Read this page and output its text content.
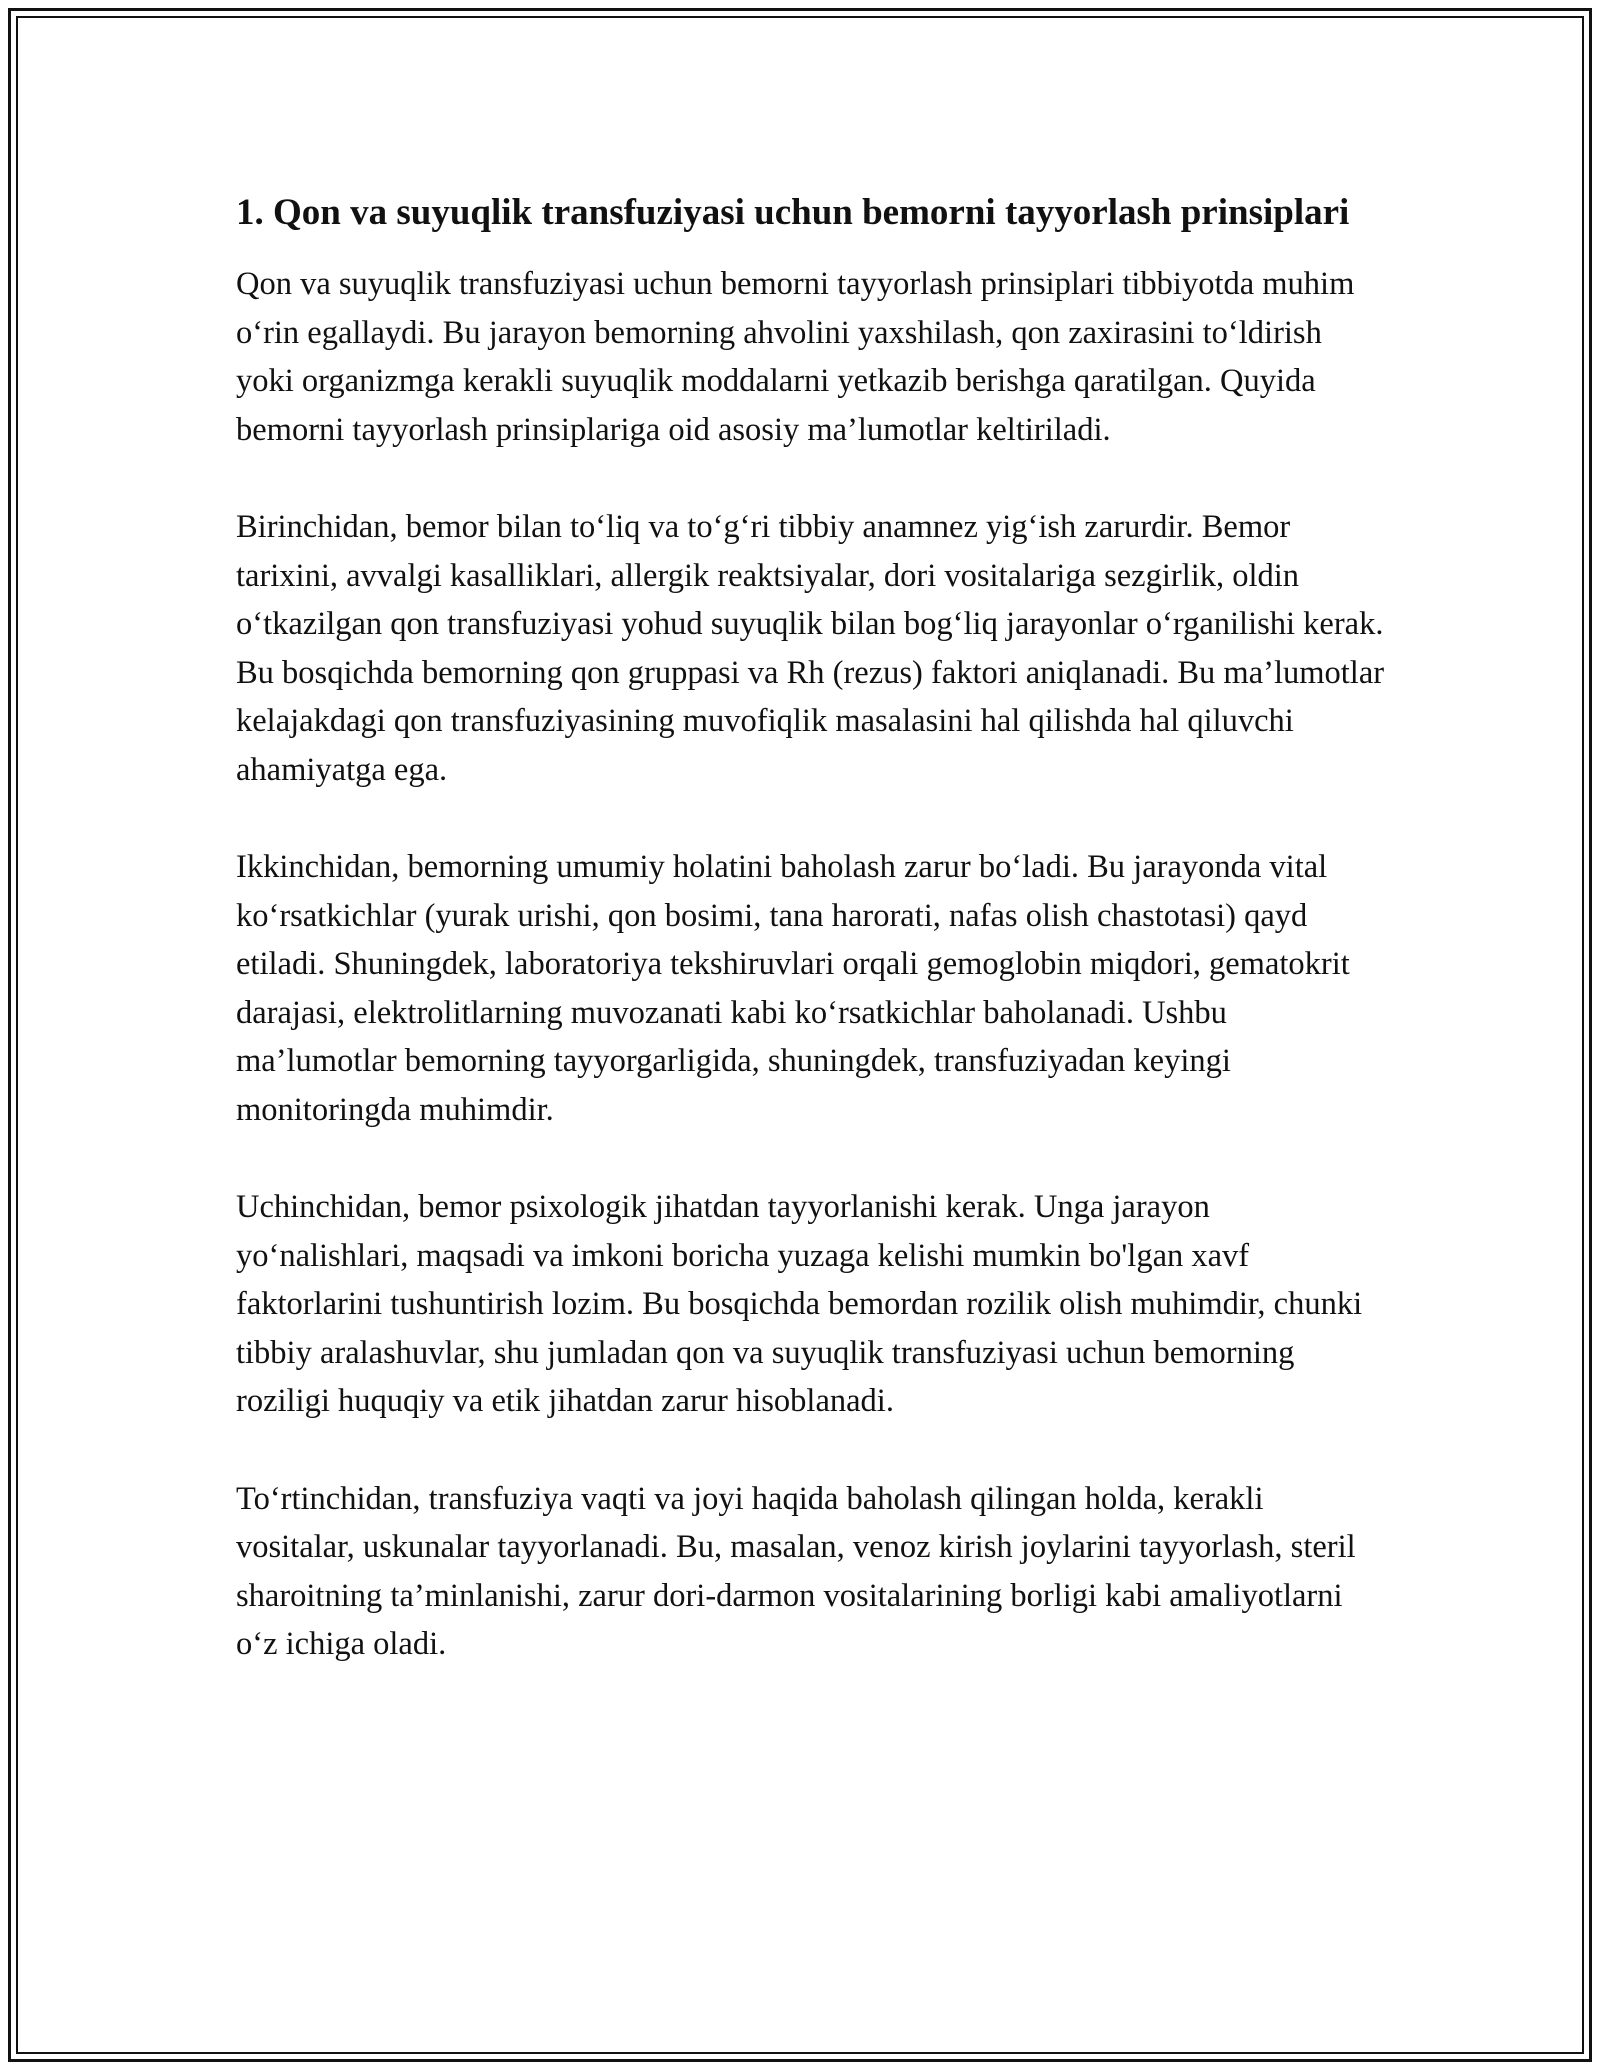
1. Qon va suyuqlik transfuziyasi uchun bemorni tayyorlash prinsiplari

Qon va suyuqlik transfuziyasi uchun bemorni tayyorlash prinsiplari tibbiyotda muhim o‘rin egallaydi. Bu jarayon bemorning ahvolini yaxshilash, qon zaxirasini to‘ldirish yoki organizmga kerakli suyuqlik moddalarni yetkazib berishga qaratilgan. Quyida bemorni tayyorlash prinsiplariga oid asosiy ma’lumotlar keltiriladi.

Birinchidan, bemor bilan to‘liq va to‘g‘ri tibbiy anamnez yig‘ish zarurdir. Bemor tarixini, avvalgi kasalliklari, allergik reaktsiyalar, dori vositalariga sezgirlik, oldin o‘tkazilgan qon transfuziyasi yohud suyuqlik bilan bog‘liq jarayonlar o‘rganilishi kerak. Bu bosqichda bemorning qon gruppasi va Rh (rezus) faktori aniqlanadi. Bu ma’lumotlar kelajakdagi qon transfuziyasining muvofiqlik masalasini hal qilishda hal qiluvchi ahamiyatga ega.

Ikkinchidan, bemorning umumiy holatini baholash zarur bo‘ladi. Bu jarayonda vital ko‘rsatkichlar (yurak urishi, qon bosimi, tana harorati, nafas olish chastotasi) qayd etiladi. Shuningdek, laboratoriya tekshiruvlari orqali gemoglobin miqdori, gematokrit darajasi, elektrolitlarning muvozanati kabi ko‘rsatkichlar baholanadi. Ushbu ma’lumotlar bemorning tayyorgarligida, shuningdek, transfuziyadan keyingi monitoringda muhimdir.

Uchinchidan, bemor psixologik jihatdan tayyorlanishi kerak. Unga jarayon yo‘nalishlari, maqsadi va imkoni boricha yuzaga kelishi mumkin bo'lgan xavf faktorlarini tushuntirish lozim. Bu bosqichda bemordan rozilik olish muhimdir, chunki tibbiy aralashuvlar, shu jumladan qon va suyuqlik transfuziyasi uchun bemorning roziligi huquqiy va etik jihatdan zarur hisoblanadi.

To‘rtinchidan, transfuziya vaqti va joyi haqida baholash qilingan holda, kerakli vositalar, uskunalar tayyorlanadi. Bu, masalan, venoz kirish joylarini tayyorlash, steril sharoitning ta’minlanishi, zarur dori-darmon vositalarining borligi kabi amaliyotlarni o‘z ichiga oladi.
